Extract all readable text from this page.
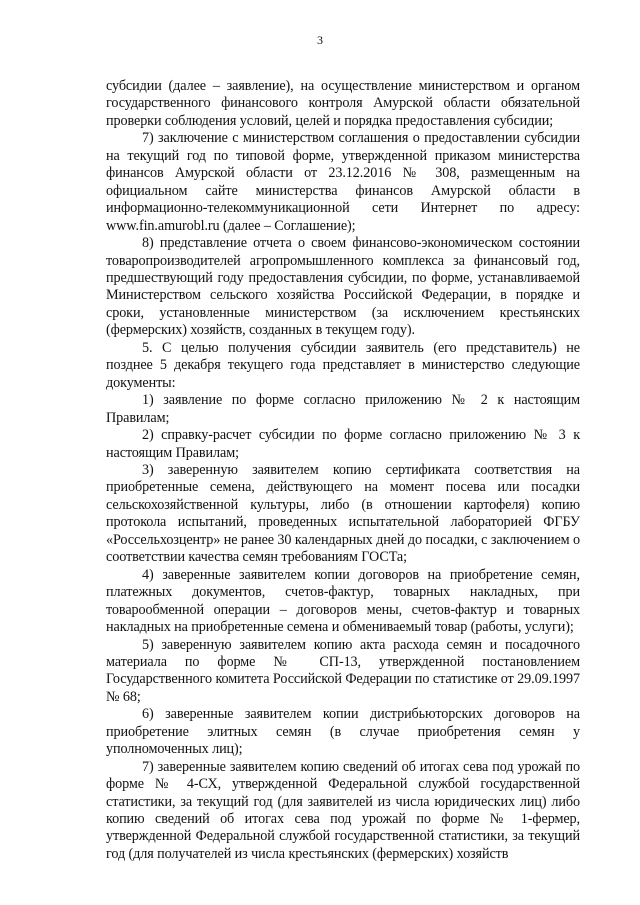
3

субсидии (далее – заявление), на осуществление министерством и органом государственного финансового контроля Амурской области обязательной проверки соблюдения условий, целей и порядка предоставления субсидии;

7) заключение с министерством соглашения о предоставлении субсидии на текущий год по типовой форме, утвержденной приказом министерства финансов Амурской области от 23.12.2016 № 308, размещенным на официальном сайте министерства финансов Амурской области в информационно-телекоммуникационной сети Интернет по адресу: www.fin.amurobl.ru (далее – Соглашение);

8) представление отчета о своем финансово-экономическом состоянии товаропроизводителей агропромышленного комплекса за финансовый год, предшествующий году предоставления субсидии, по форме, устанавливаемой Министерством сельского хозяйства Российской Федерации, в порядке и сроки, установленные министерством (за исключением крестьянских (фермерских) хозяйств, созданных в текущем году).

5. С целью получения субсидии заявитель (его представитель) не позднее 5 декабря текущего года представляет в министерство следующие документы:

1) заявление по форме согласно приложению № 2 к настоящим Правилам;

2) справку-расчет субсидии по форме согласно приложению № 3 к настоящим Правилам;

3) заверенную заявителем копию сертификата соответствия на приобретенные семена, действующего на момент посева или посадки сельскохозяйственной культуры, либо (в отношении картофеля) копию протокола испытаний, проведенных испытательной лабораторией ФГБУ «Россельхозцентр» не ранее 30 календарных дней до посадки, с заключением о соответствии качества семян требованиям ГОСТа;

4) заверенные заявителем копии договоров на приобретение семян, платежных документов, счетов-фактур, товарных накладных, при товарообменной операции – договоров мены, счетов-фактур и товарных накладных на приобретенные семена и обмениваемый товар (работы, услуги);

5) заверенную заявителем копию акта расхода семян и посадочного материала по форме № СП-13, утвержденной постановлением Государственного комитета Российской Федерации по статистике от 29.09.1997 № 68;

6) заверенные заявителем копии дистрибьюторских договоров на приобретение элитных семян (в случае приобретения семян у уполномоченных лиц);

7) заверенные заявителем копию сведений об итогах сева под урожай по форме № 4-СХ, утвержденной Федеральной службой государственной статистики, за текущий год (для заявителей из числа юридических лиц) либо копию сведений об итогах сева под урожай по форме № 1-фермер, утвержденной Федеральной службой государственной статистики, за текущий год (для получателей из числа крестьянских (фермерских) хозяйств
